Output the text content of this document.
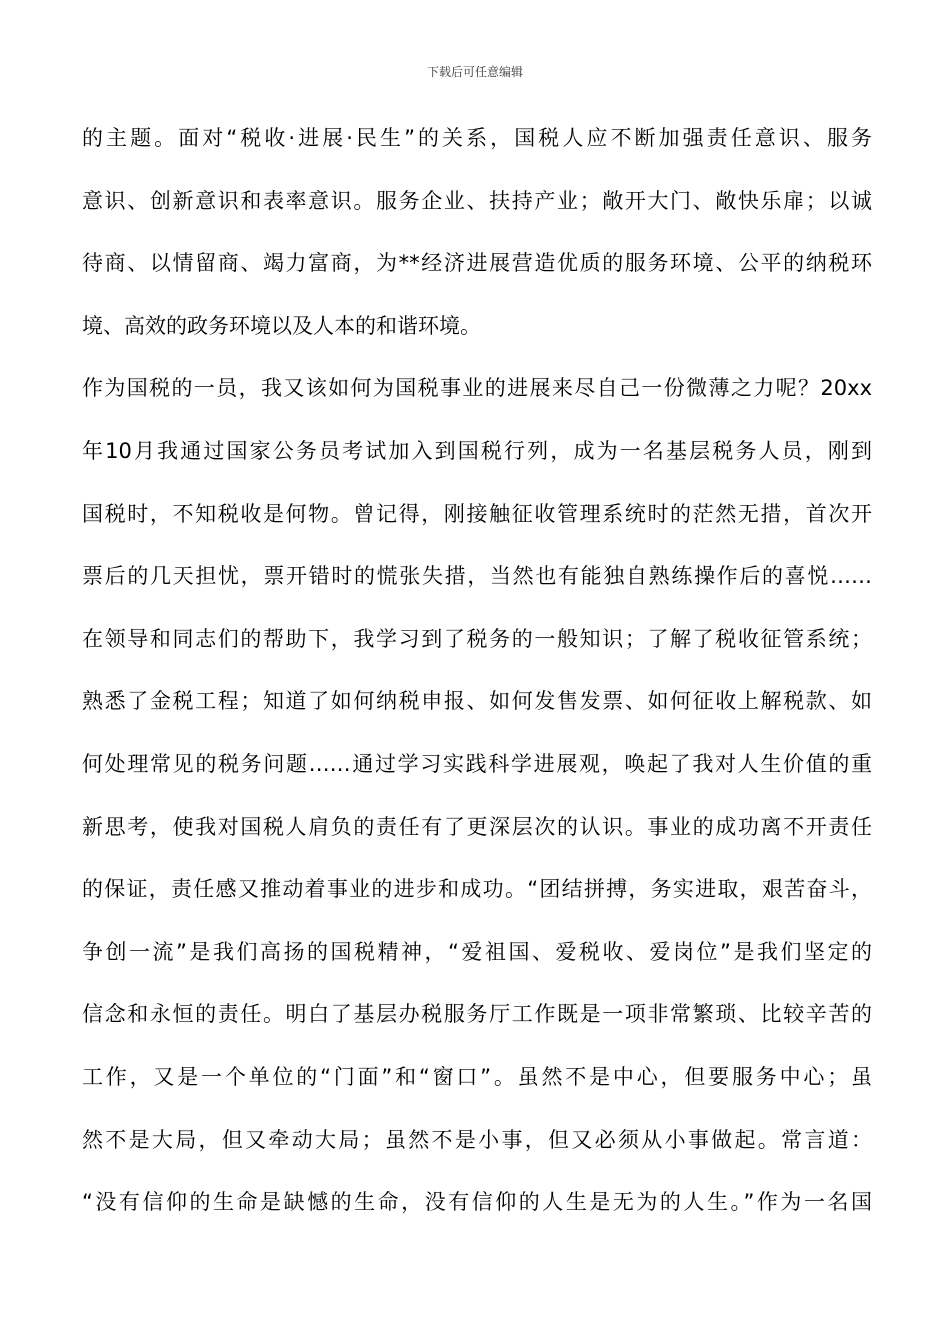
下载后可任意编辑
的主题。面对“税收·进展·民生”的关系，国税人应不断加强责任意识、服务
意识、创新意识和表率意识。服务企业、扶持产业；敞开大门、敞快乐扉；以诚
待商、以情留商、竭力富商，为**经济进展营造优质的服务环境、公平的纳税环
境、高效的政务环境以及人本的和谐环境。
作为国税的一员，我又该如何为国税事业的进展来尽自己一份微薄之力呢？20xx
年10月我通过国家公务员考试加入到国税行列，成为一名基层税务人员，刚到
国税时，不知税收是何物。曾记得，刚接触征收管理系统时的茫然无措，首次开
票后的几天担忧，票开错时的慌张失措，当然也有能独自熟练操作后的喜悦……
在领导和同志们的帮助下，我学习到了税务的一般知识；了解了税收征管系统；
熟悉了金税工程；知道了如何纳税申报、如何发售发票、如何征收上解税款、如
何处理常见的税务问题……通过学习实践科学进展观，唤起了我对人生价值的重
新思考，使我对国税人肩负的责任有了更深层次的认识。事业的成功离不开责任
的保证，责任感又推动着事业的进步和成功。“团结拼搏，务实进取，艰苦奋斗，
争创一流”是我们高扬的国税精神，“爱祖国、爱税收、爱岗位”是我们坚定的
信念和永恒的责任。明白了基层办税服务厅工作既是一项非常繁琐、比较辛苦的
工作，又是一个单位的“门面”和“窗口”。虽然不是中心，但要服务中心；虽
然不是大局，但又牵动大局；虽然不是小事，但又必须从小事做起。常言道：
“没有信仰的生命是缺憾的生命，没有信仰的人生是无为的人生。”作为一名国
